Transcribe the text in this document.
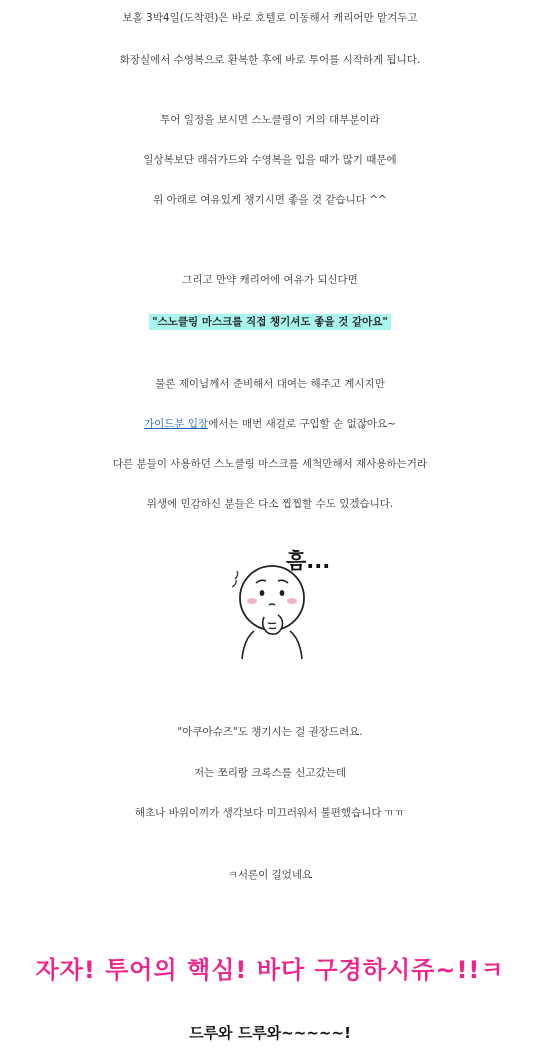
보홀 3박4일(도착편)은 바로 호텔로 이동해서 캐리어만 맡겨두고
화장실에서 수영복으로 환복한 후에 바로 투어를 시작하게 됩니다.
투어 일정을 보시면 스노클링이 거의 대부분이라
일상복보단 래쉬가드와 수영복을 입을 때가 많기 때문에
위 아래로 여유있게 챙기시면 좋을 것 같습니다 ^^
그리고 만약 캐리어에 여유가 되신다면
"스노클링 마스크를 직접 챙기셔도 좋을 것 같아요"
물론 제이님께서 준비해서 대여는 해주고 계시지만
가이드분 입장에서는 매번 새걸로 구입할 순 없잖아요~
다른 분들이 사용하던 스노클링 마스크를 세척만해서 재사용하는거라
위생에 민감하신 분들은 다소 찝찝할 수도 있겠습니다.
흠...
"아쿠아슈즈"도 챙기시는 걸 권장드려요.
저는 쪼리랑 크록스를 신고갔는데
해초나 바위이끼가 생각보다 미끄러워서 불편했습니다 ㅠㅠ
ㅋ서론이 길었네요
자자! 투어의 핵심! 바다 구경하시쥬~!!ㅋ
드루와 드루와~~~~~!
